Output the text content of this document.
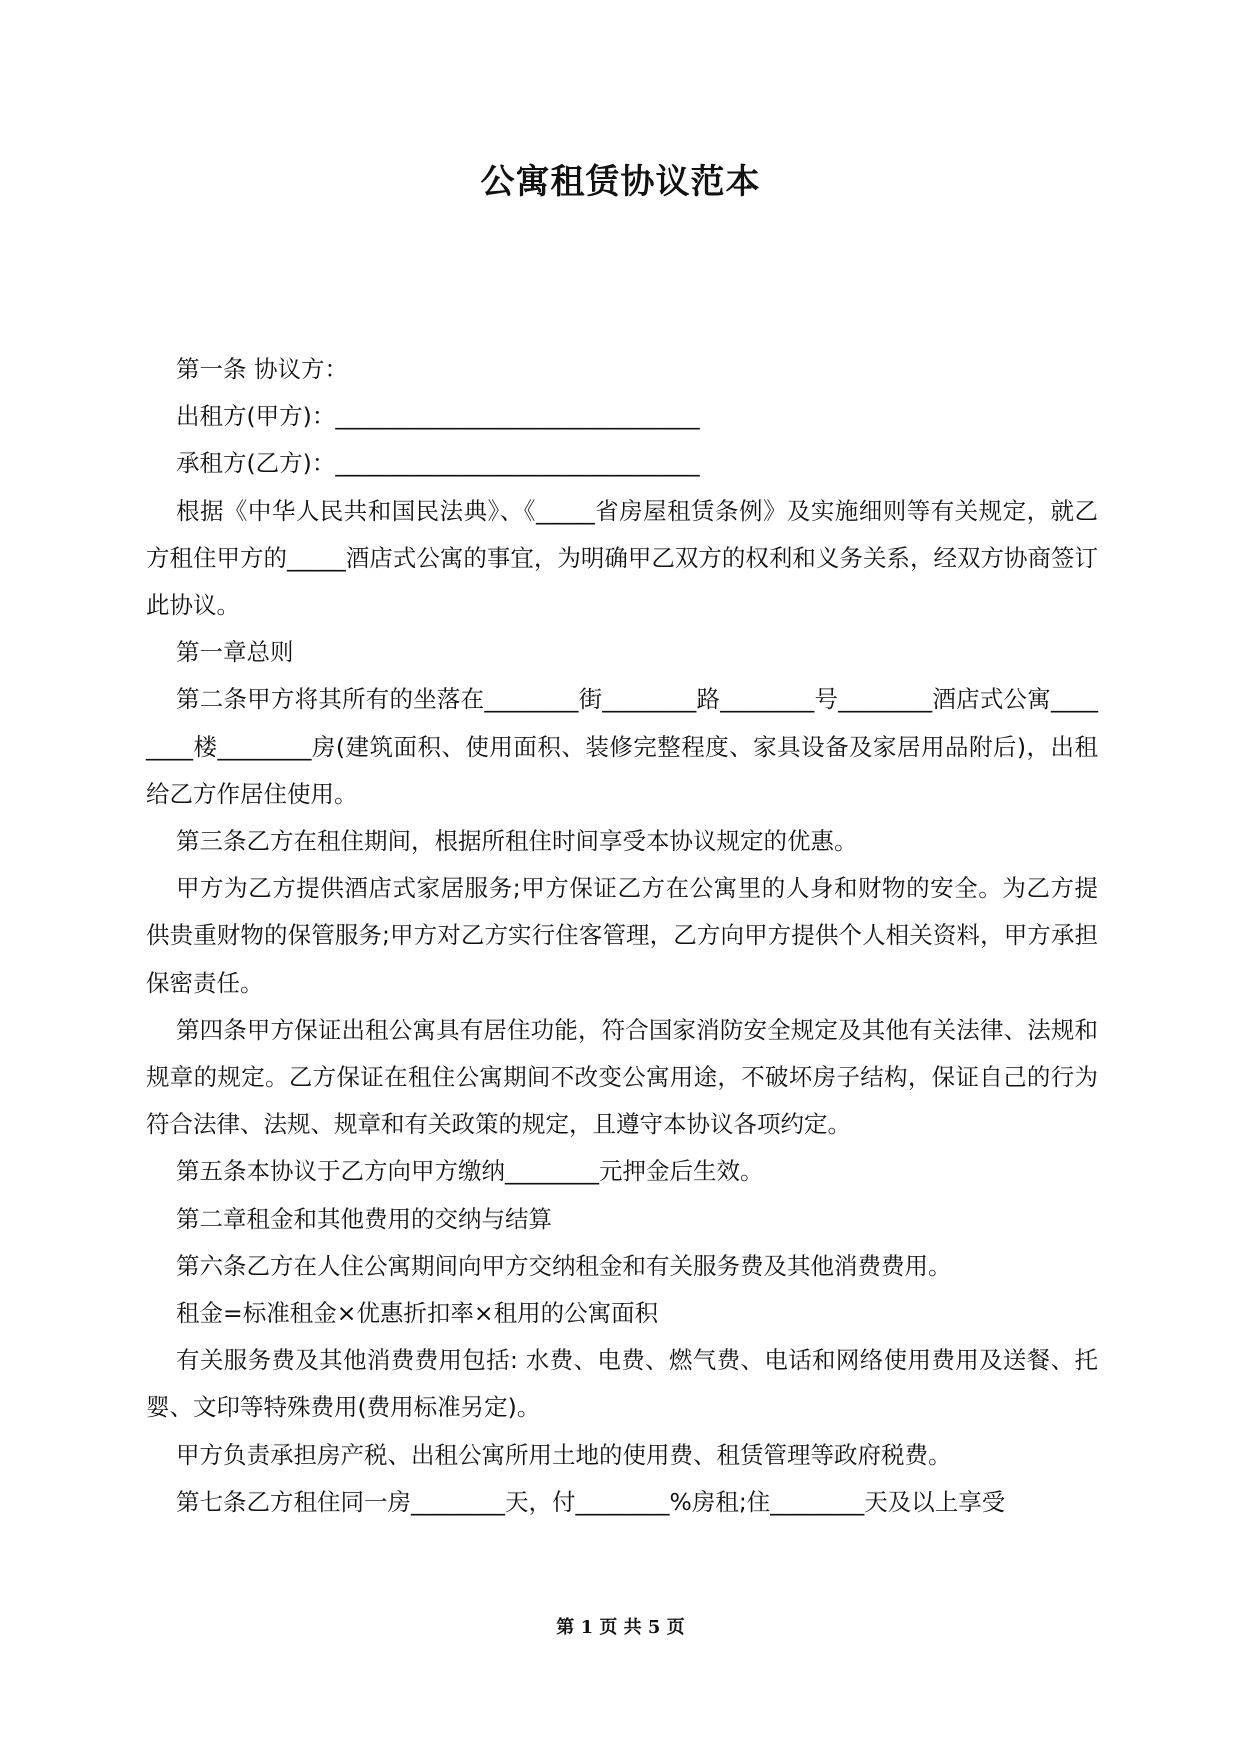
公寓租赁协议范本

第一条 协议方：

出租方(甲方)：_______________________________

承租方(乙方)：_______________________________

根据《中华人民共和国民法典》、《_____省房屋租赁条例》及实施细则等有关规定，就乙方租住甲方的_____酒店式公寓的事宜，为明确甲乙双方的权利和义务关系，经双方协商签订此协议。

第一章总则

第二条甲方将其所有的坐落在________街________路________号________酒店式公寓________楼________房(建筑面积、使用面积、装修完整程度、家具设备及家居用品附后)，出租给乙方作居住使用。

第三条乙方在租住期间，根据所租住时间享受本协议规定的优惠。

甲方为乙方提供酒店式家居服务;甲方保证乙方在公寓里的人身和财物的安全。为乙方提供贵重财物的保管服务;甲方对乙方实行住客管理，乙方向甲方提供个人相关资料，甲方承担保密责任。

第四条甲方保证出租公寓具有居住功能，符合国家消防安全规定及其他有关法律、法规和规章的规定。乙方保证在租住公寓期间不改变公寓用途，不破坏房子结构，保证自己的行为符合法律、法规、规章和有关政策的规定，且遵守本协议各项约定。

第五条本协议于乙方向甲方缴纳________元押金后生效。

第二章租金和其他费用的交纳与结算

第六条乙方在人住公寓期间向甲方交纳租金和有关服务费及其他消费费用。

租金=标准租金×优惠折扣率×租用的公寓面积

有关服务费及其他消费费用包括: 水费、电费、燃气费、电话和网络使用费用及送餐、托婴、文印等特殊费用(费用标准另定)。

甲方负责承担房产税、出租公寓所用土地的使用费、租赁管理等政府税费。

第七条乙方租住同一房________天，付________%房租;住________天及以上享受

第 1 页 共 5 页
